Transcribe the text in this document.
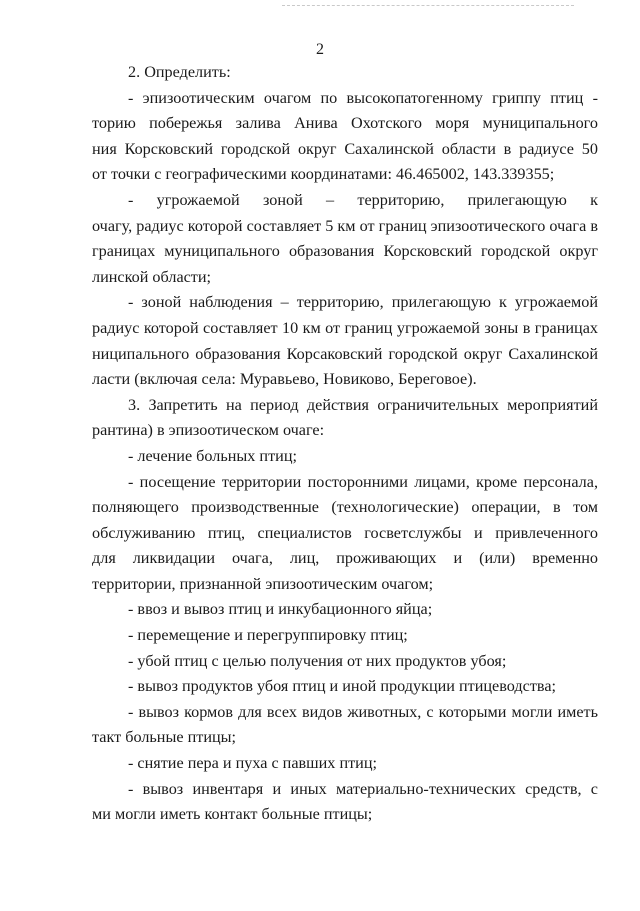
2
2. Определить:
- эпизоотическим очагом по высокопатогенному гриппу птиц -
торию побережья залива Анива Охотского моря муниципального
ния Корсковский городской округ Сахалинской области в радиусе 50
от точки с географическими координатами: 46.465002, 143.339355;
- угрожаемой зоной – территорию, прилегающую к
очагу, радиус которой составляет 5 км от границ эпизоотического очага в
границах муниципального образования Корсковский городской округ
линской области;
- зоной наблюдения – территорию, прилегающую к угрожаемой
радиус которой составляет 10 км от границ угрожаемой зоны в границах
ниципального образования Корсаковский городской округ Сахалинской
ласти (включая села: Муравьево, Новиково, Береговое).
3. Запретить на период действия ограничительных мероприятий
рантина) в эпизоотическом очаге:
- лечение больных птиц;
- посещение территории посторонними лицами, кроме персонала,
полняющего производственные (технологические) операции, в том
обслуживанию птиц, специалистов госветслужбы и привлеченного
для ликвидации очага, лиц, проживающих и (или) временно
территории, признанной эпизоотическим очагом;
- ввоз и вывоз птиц и инкубационного яйца;
- перемещение и перегруппировку птиц;
- убой птиц с целью получения от них продуктов убоя;
- вывоз продуктов убоя птиц и иной продукции птицеводства;
- вывоз кормов для всех видов животных, с которыми могли иметь
такт больные птицы;
- снятие пера и пуха с павших птиц;
- вывоз инвентаря и иных материально-технических средств, с
ми могли иметь контакт больные птицы;
